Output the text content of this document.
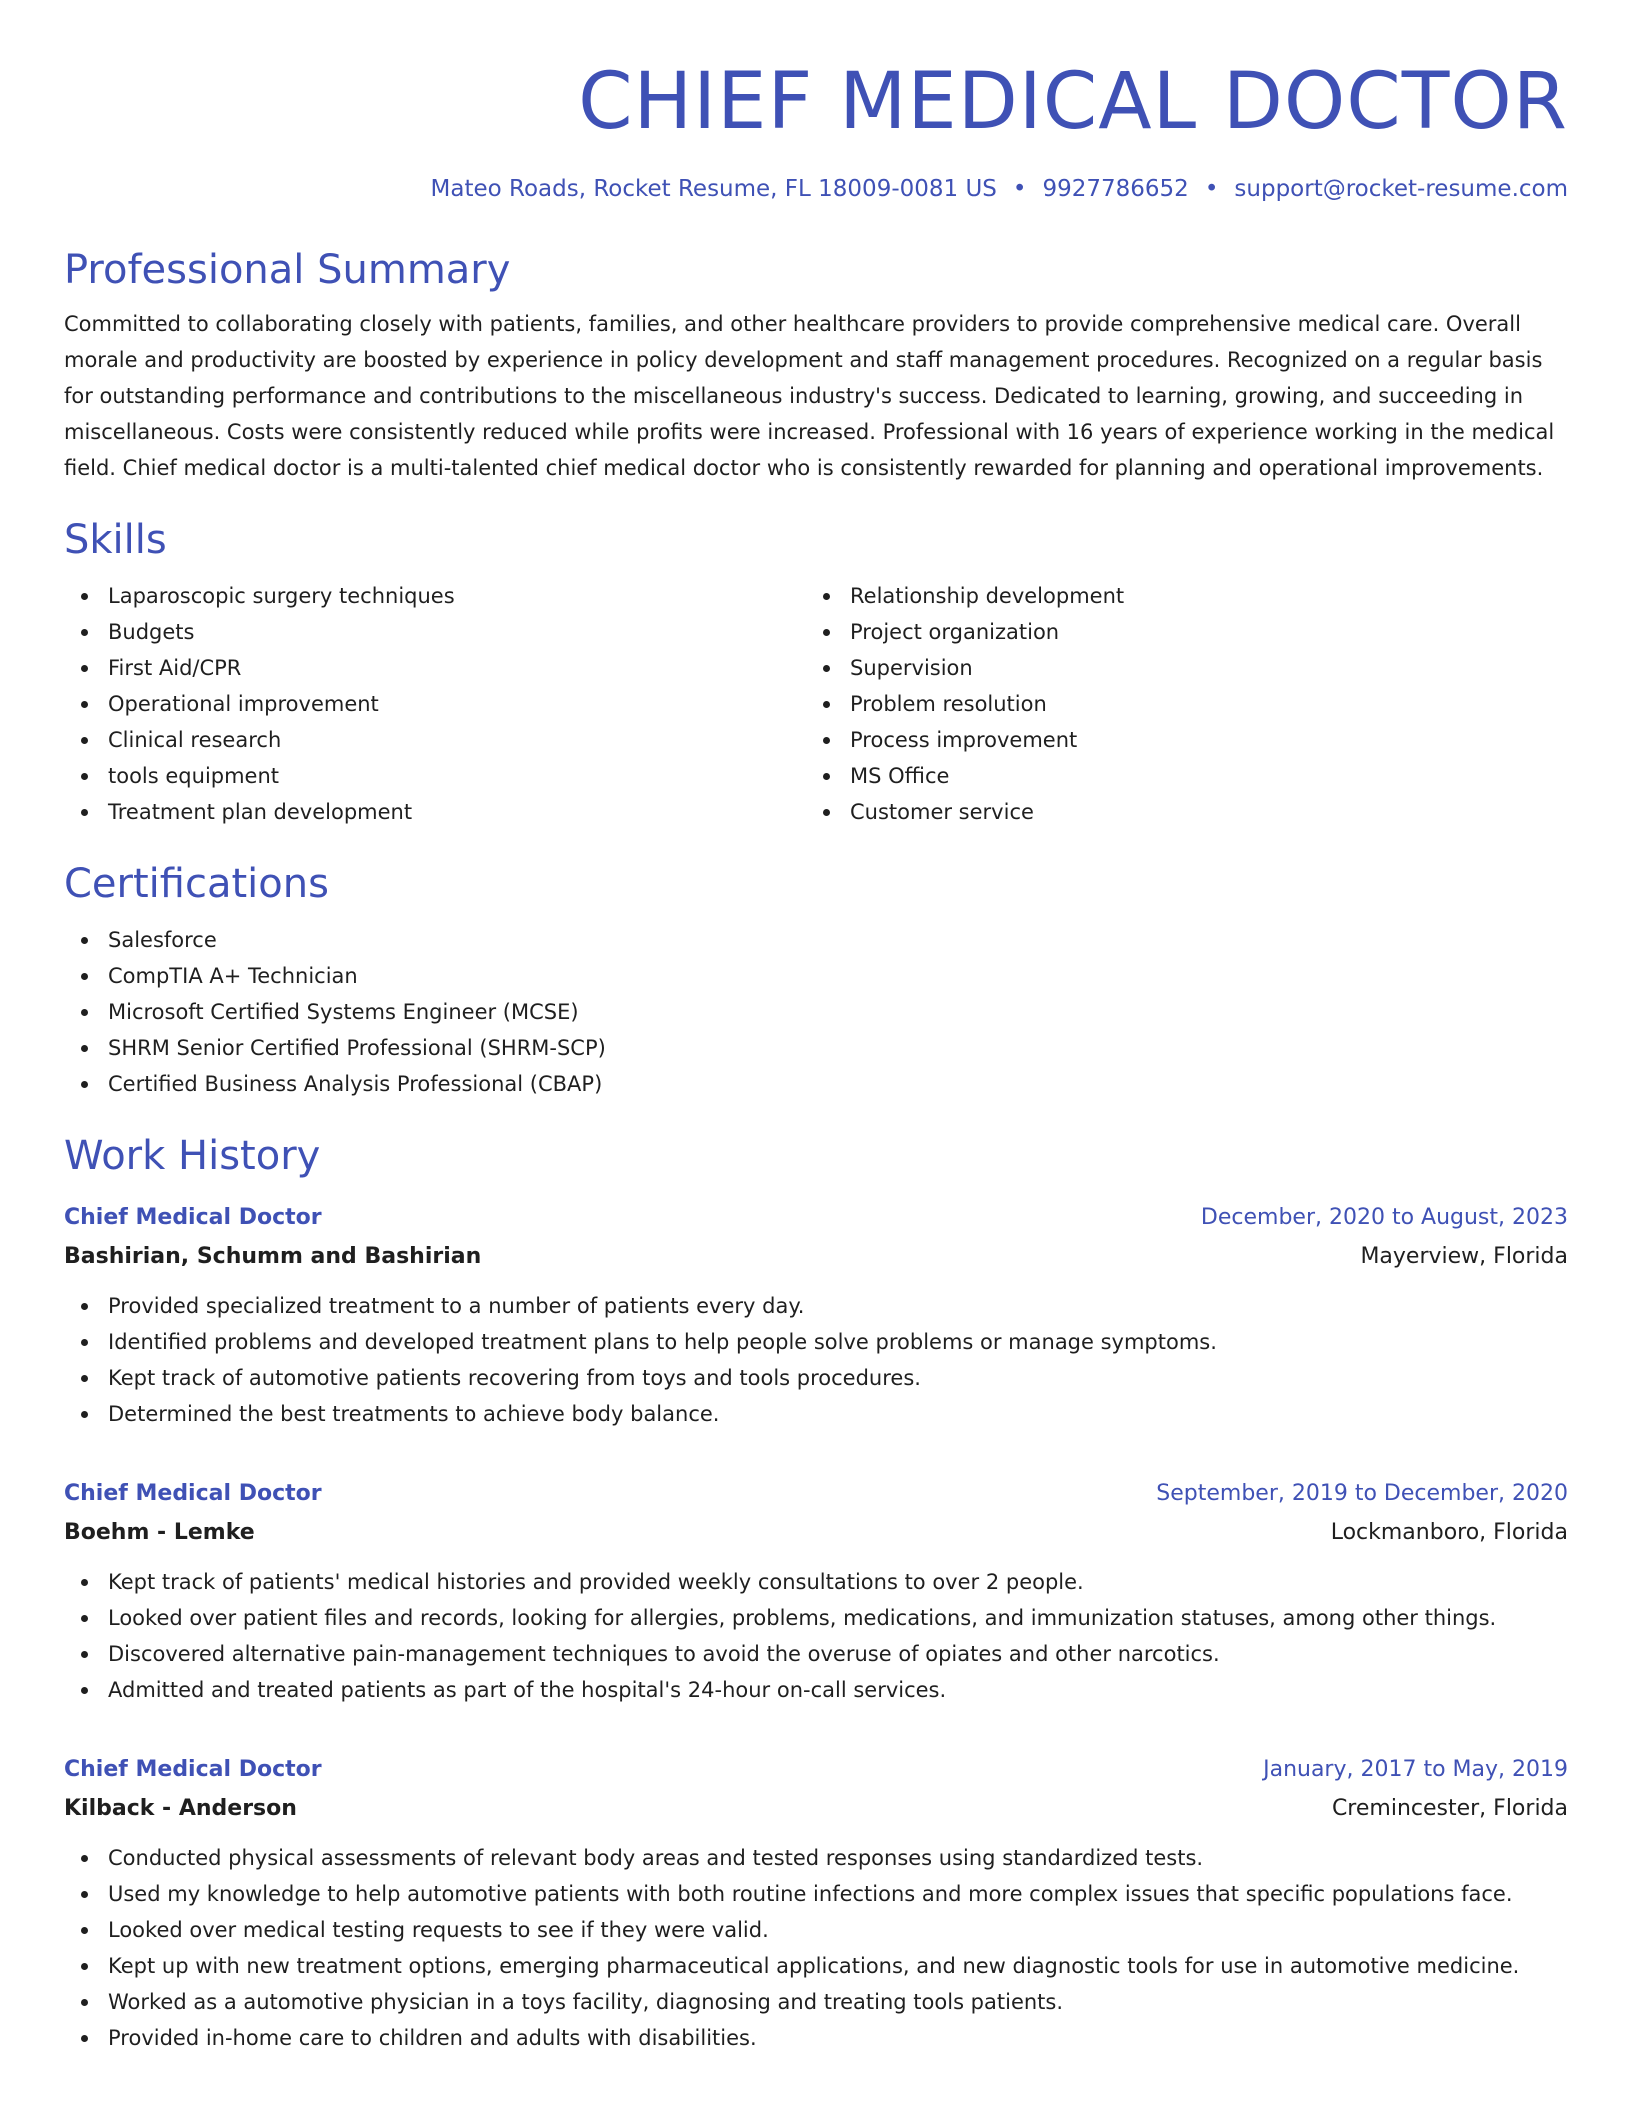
CHIEF MEDICAL DOCTOR
Mateo Roads, Rocket Resume, FL 18009-0081 US • 9927786652 • support@rocket-resume.com
Professional Summary
Committed to collaborating closely with patients, families, and other healthcare providers to provide comprehensive medical care. Overall morale and productivity are boosted by experience in policy development and staff management procedures. Recognized on a regular basis for outstanding performance and contributions to the miscellaneous industry's success. Dedicated to learning, growing, and succeeding in miscellaneous. Costs were consistently reduced while profits were increased. Professional with 16 years of experience working in the medical field. Chief medical doctor is a multi-talented chief medical doctor who is consistently rewarded for planning and operational improvements.
Skills
Laparoscopic surgery techniques
Budgets
First Aid/CPR
Operational improvement
Clinical research
tools equipment
Treatment plan development
Relationship development
Project organization
Supervision
Problem resolution
Process improvement
MS Office
Customer service
Certifications
Salesforce
CompTIA A+ Technician
Microsoft Certified Systems Engineer (MCSE)
SHRM Senior Certified Professional (SHRM-SCP)
Certified Business Analysis Professional (CBAP)
Work History
Chief Medical Doctor	December, 2020 to August, 2023
Bashirian, Schumm and Bashirian	Mayerview, Florida
Provided specialized treatment to a number of patients every day.
Identified problems and developed treatment plans to help people solve problems or manage symptoms.
Kept track of automotive patients recovering from toys and tools procedures.
Determined the best treatments to achieve body balance.
Chief Medical Doctor	September, 2019 to December, 2020
Boehm - Lemke	Lockmanboro, Florida
Kept track of patients' medical histories and provided weekly consultations to over 2 people.
Looked over patient files and records, looking for allergies, problems, medications, and immunization statuses, among other things.
Discovered alternative pain-management techniques to avoid the overuse of opiates and other narcotics.
Admitted and treated patients as part of the hospital's 24-hour on-call services.
Chief Medical Doctor	January, 2017 to May, 2019
Kilback - Anderson	Cremincester, Florida
Conducted physical assessments of relevant body areas and tested responses using standardized tests.
Used my knowledge to help automotive patients with both routine infections and more complex issues that specific populations face.
Looked over medical testing requests to see if they were valid.
Kept up with new treatment options, emerging pharmaceutical applications, and new diagnostic tools for use in automotive medicine.
Worked as a automotive physician in a toys facility, diagnosing and treating tools patients.
Provided in-home care to children and adults with disabilities.
